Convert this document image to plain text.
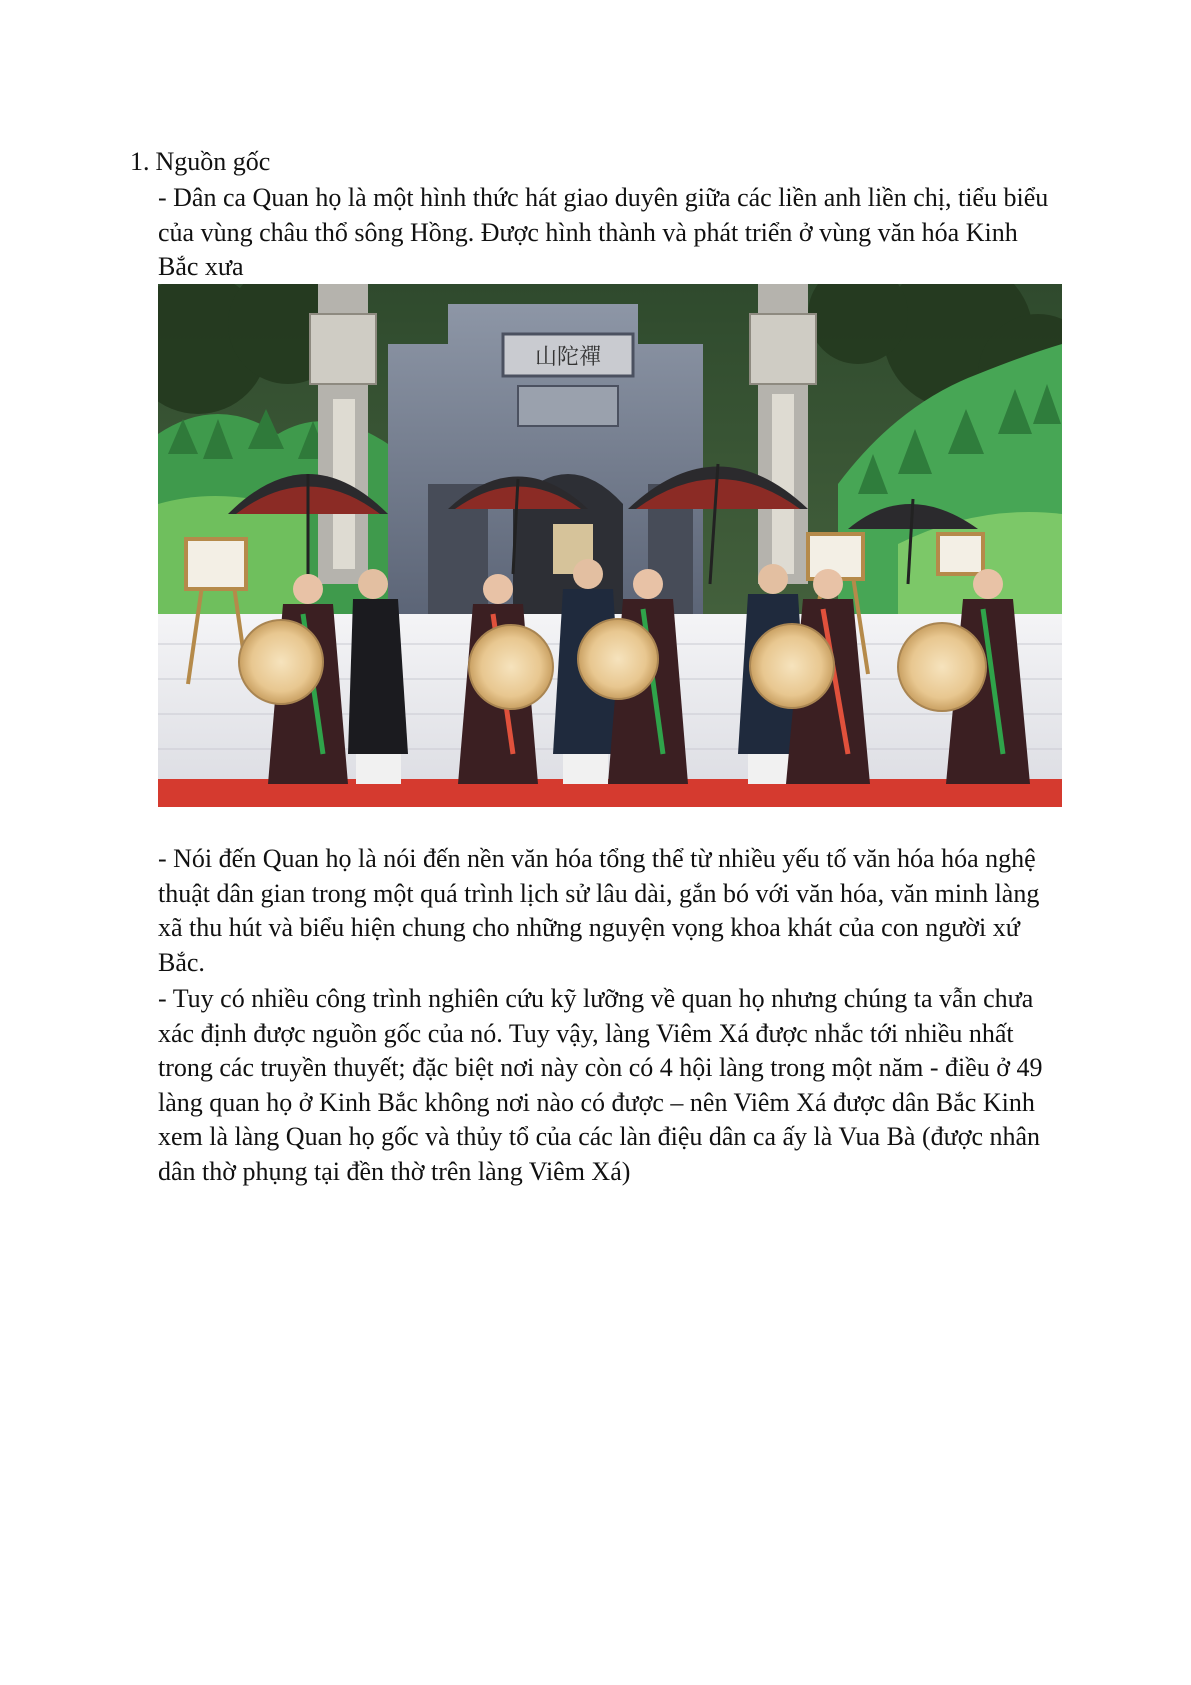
1. Nguồn gốc

- Dân ca Quan họ là một hình thức hát giao duyên giữa các liền anh liền chị, tiểu biểu của vùng châu thổ sông Hồng. Được hình thành và phát triển ở vùng văn hóa Kinh Bắc xưa

山陀禪

- Nói đến Quan họ là nói đến nền văn hóa tổng thể từ nhiều yếu tố văn hóa hóa nghệ thuật dân gian trong một quá trình lịch sử lâu dài, gắn bó với văn hóa, văn minh làng xã thu hút và biểu hiện chung cho những nguyện vọng khoa khát của con người xứ Bắc.

- Tuy có nhiều công trình nghiên cứu kỹ lưỡng về quan họ nhưng chúng ta vẫn chưa xác định được nguồn gốc của nó. Tuy vậy, làng Viêm Xá được nhắc tới nhiều nhất trong các truyền thuyết; đặc biệt nơi này còn có 4 hội làng trong một năm - điều ở 49 làng quan họ ở Kinh Bắc không nơi nào có được – nên Viêm Xá được dân Bắc Kinh xem là làng Quan họ gốc và thủy tổ của các làn điệu dân ca ấy là Vua Bà (được nhân dân thờ phụng tại đền thờ trên làng Viêm Xá)
